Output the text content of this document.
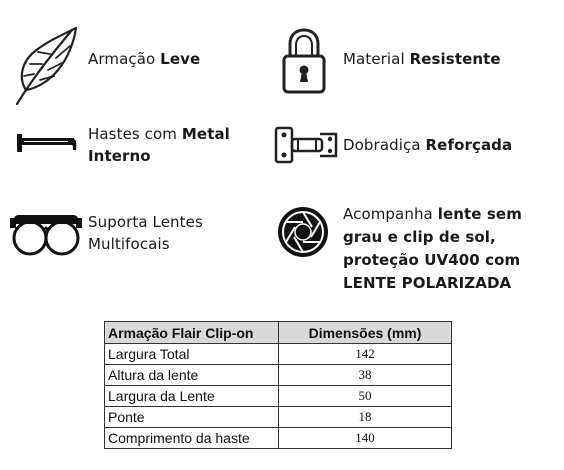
Armação Leve	Material Resistente
Hastes com Metal Interno
Dobradiça Reforçada
Suporta Lentes Multifocais
Acompanha lente sem grau e clip de sol, proteção UV400 com LENTE POLARIZADA
Armação Flair Clip-on	Dimensões (mm)
Largura Total	142
Altura da lente	38
Largura da Lente	50
Ponte	18
Comprimento da haste	140
